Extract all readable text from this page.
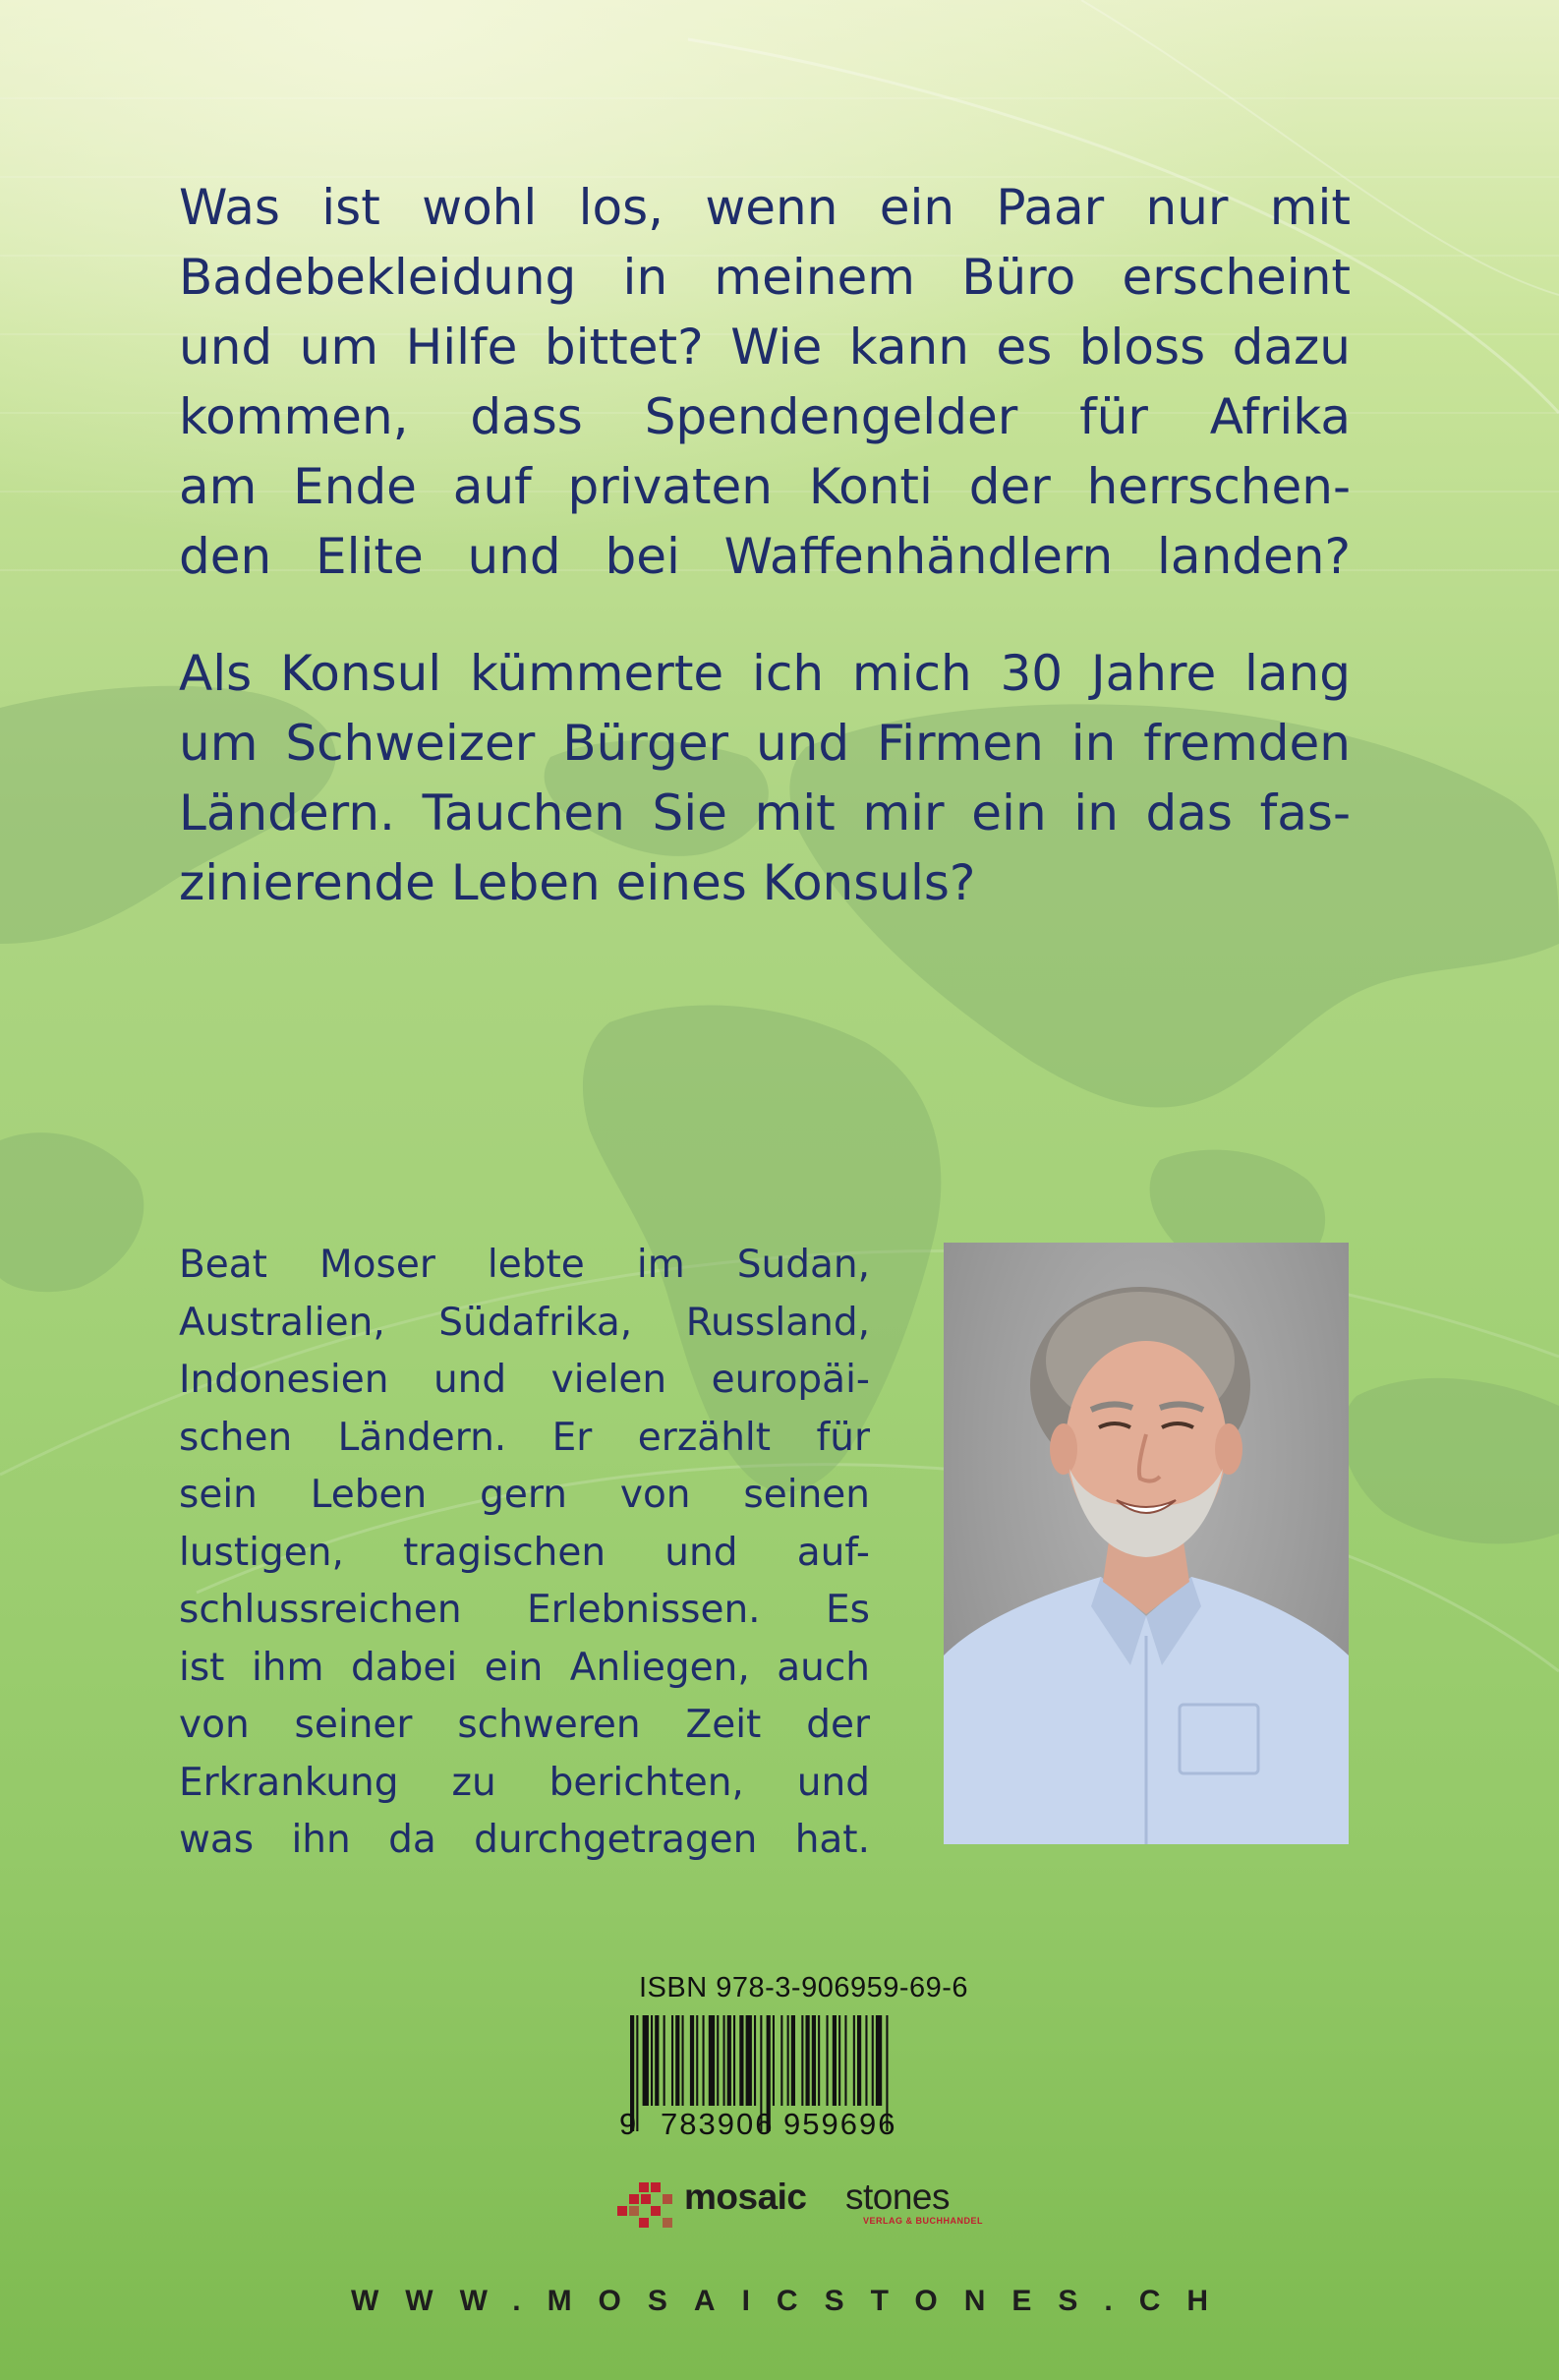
Was ist wohl los, wenn ein Paar nur mit

Badebekleidung in meinem Büro erscheint

und um Hilfe bittet? Wie kann es bloss dazu

kommen, dass Spendengelder für Afrika

am Ende auf privaten Konti der herrschen-

den Elite und bei Waffenhändlern landen?

Als Konsul kümmerte ich mich 30 Jahre lang

um Schweizer Bürger und Firmen in fremden

Ländern. Tauchen Sie mit mir ein in das fas-

zinierende Leben eines Konsuls?

Beat Moser lebte im Sudan,

Australien, Südafrika, Russland,

Indonesien und vielen europäi-

schen Ländern. Er erzählt für

sein Leben gern von seinen

lustigen, tragischen und auf-

schlussreichen Erlebnissen. Es

ist ihm dabei ein Anliegen, auch

von seiner schweren Zeit der

Erkrankung zu berichten, und

was ihn da durchgetragen hat.

ISBN 978-3-906959-69-6
9 783906 959696
mosaic stones
VERLAG & BUCHHANDEL
WWW.MOSAICSTONES.CH
